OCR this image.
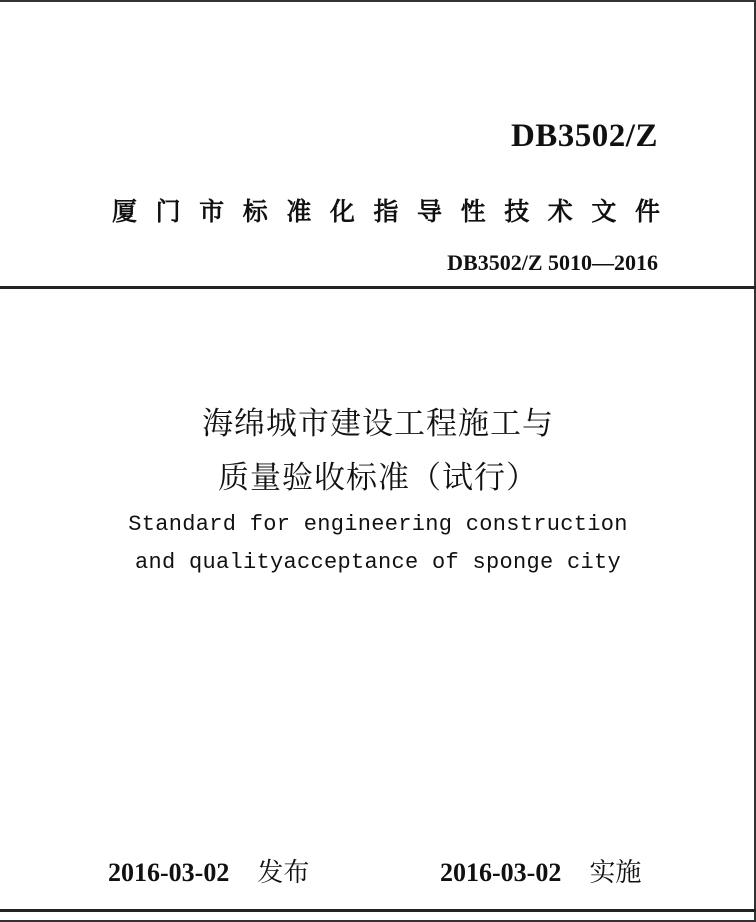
DB3502/Z
厦 门 市 标 准 化 指 导 性 技 术 文 件
DB3502/Z 5010—2016
海绵城市建设工程施工与
质量验收标准（试行）
Standard for engineering construction
and qualityacceptance of sponge city
2016-03-02 发布	2016-03-02 实施
